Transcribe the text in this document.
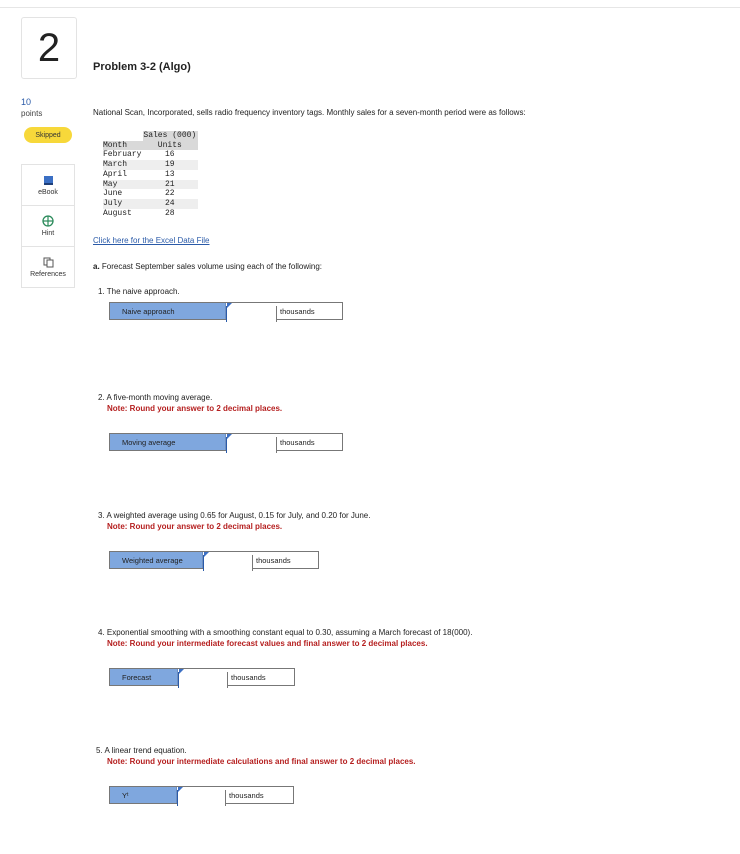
2
10
points
Skipped
eBook
Hint
References
Problem 3-2 (Algo)
National Scan, Incorporated, sells radio frequency inventory tags. Monthly sales for a seven-month period were as follows:
	Sales (000)
Month	Units
February	16
March	19
April	13
May	21
June	22
July	24
August	28
Click here for the Excel Data File
a. Forecast September sales volume using each of the following:
1. The naive approach.
Naive approach	thousands
2. A five-month moving average.
Note: Round your answer to 2 decimal places.
Moving average	thousands
3. A weighted average using 0.65 for August, 0.15 for July, and 0.20 for June.
Note: Round your answer to 2 decimal places.
Weighted average	thousands
4. Exponential smoothing with a smoothing constant equal to 0.30, assuming a March forecast of 18(000).
Note: Round your intermediate forecast values and final answer to 2 decimal places.
Forecast	thousands
5. A linear trend equation.
Note: Round your intermediate calculations and final answer to 2 decimal places.
Y t	thousands
